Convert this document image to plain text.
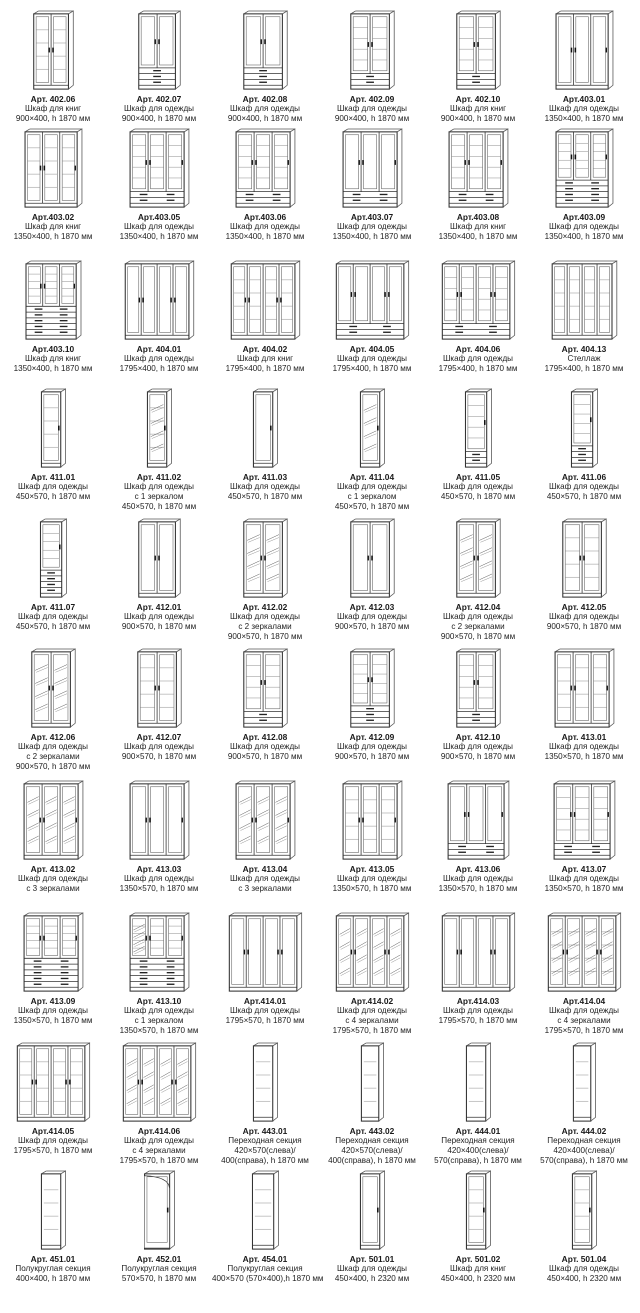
Арт. 402.06
Шкаф для книг
900×400, h 1870 мм
Арт. 402.07
Шкаф для одежды
900×400, h 1870 мм
Арт. 402.08
Шкаф для одежды
900×400, h 1870 мм
Арт. 402.09
Шкаф для одежды
900×400, h 1870 мм
Арт. 402.10
Шкаф для книг
900×400, h 1870 мм
Арт.403.01
Шкаф для одежды
1350×400, h 1870 мм
Арт.403.02
Шкаф для книг
1350×400, h 1870 мм
Арт.403.05
Шкаф для одежды
1350×400, h 1870 мм
Арт.403.06
Шкаф для одежды
1350×400, h 1870 мм
Арт.403.07
Шкаф для одежды
1350×400, h 1870 мм
Арт.403.08
Шкаф для книг
1350×400, h 1870 мм
Арт.403.09
Шкаф для одежды
1350×400, h 1870 мм
Арт.403.10
Шкаф для книг
1350×400, h 1870 мм
Арт. 404.01
Шкаф для одежды
1795×400, h 1870 мм
Арт. 404.02
Шкаф для книг
1795×400, h 1870 мм
Арт. 404.05
Шкаф для одежды
1795×400, h 1870 мм
Арт. 404.06
Шкаф для одежды
1795×400, h 1870 мм
Арт. 404.13
Стеллаж
1795×400, h 1870 мм
Арт. 411.01
Шкаф для одежды
450×570, h 1870 мм
Арт. 411.02
Шкаф для одежды
с 1 зеркалом
450×570, h 1870 мм
Арт. 411.03
Шкаф для одежды
450×570, h 1870 мм
Арт. 411.04
Шкаф для одежды
с 1 зеркалом
450×570, h 1870 мм
Арт. 411.05
Шкаф для одежды
450×570, h 1870 мм
Арт. 411.06
Шкаф для одежды
450×570, h 1870 мм
Арт. 411.07
Шкаф для одежды
450×570, h 1870 мм
Арт. 412.01
Шкаф для одежды
900×570, h 1870 мм
Арт. 412.02
Шкаф для одежды
с 2 зеркалами
900×570, h 1870 мм
Арт. 412.03
Шкаф для одежды
900×570, h 1870 мм
Арт. 412.04
Шкаф для одежды
с 2 зеркалами
900×570, h 1870 мм
Арт. 412.05
Шкаф для одежды
900×570, h 1870 мм
Арт. 412.06
Шкаф для одежды
с 2 зеркалами
900×570, h 1870 мм
Арт. 412.07
Шкаф для одежды
900×570, h 1870 мм
Арт. 412.08
Шкаф для одежды
900×570, h 1870 мм
Арт. 412.09
Шкаф для одежды
900×570, h 1870 мм
Арт. 412.10
Шкаф для одежды
900×570, h 1870 мм
Арт. 413.01
Шкаф для одежды
1350×570, h 1870 мм
Арт. 413.02
Шкаф для одежды
с 3 зеркалами
Арт. 413.03
Шкаф для одежды
1350×570, h 1870 мм
Арт. 413.04
Шкаф для одежды
с 3 зеркалами
Арт. 413.05
Шкаф для одежды
1350×570, h 1870 мм
Арт. 413.06
Шкаф для одежды
1350×570, h 1870 мм
Арт. 413.07
Шкаф для одежды
1350×570, h 1870 мм
Арт. 413.09
Шкаф для одежды
1350×570, h 1870 мм
Арт. 413.10
Шкаф для одежды
с 1 зеркалом
1350×570, h 1870 мм
Арт.414.01
Шкаф для одежды
1795×570, h 1870 мм
Арт.414.02
Шкаф для одежды
с 4 зеркалами
1795×570, h 1870 мм
Арт.414.03
Шкаф для одежды
1795×570, h 1870 мм
Арт.414.04
Шкаф для одежды
с 4 зеркалами
1795×570, h 1870 мм
Арт.414.05
Шкаф для одежды
1795×570, h 1870 мм
Арт.414.06
Шкаф для одежды
с 4 зеркалами
1795×570, h 1870 мм
Арт. 443.01
Переходная секция
420×570(слева)/
400(справа), h 1870 мм
Арт. 443.02
Переходная секция
420×570(слева)/
400(справа), h 1870 мм
Арт. 444.01
Переходная секция
420×400(слева)/
570(справа), h 1870 мм
Арт. 444.02
Переходная секция
420×400(слева)/
570(справа), h 1870 мм
Арт. 451.01
Полукруглая секция
400×400, h 1870 мм
Арт. 452.01
Полукруглая секция
570×570, h 1870 мм
Арт. 454.01
Полукруглая секция
400×570 (570×400),h 1870 мм
Арт. 501.01
Шкаф для одежды
450×400, h 2320 мм
Арт. 501.02
Шкаф для книг
450×400, h 2320 мм
Арт. 501.04
Шкаф для одежды
450×400, h 2320 мм
